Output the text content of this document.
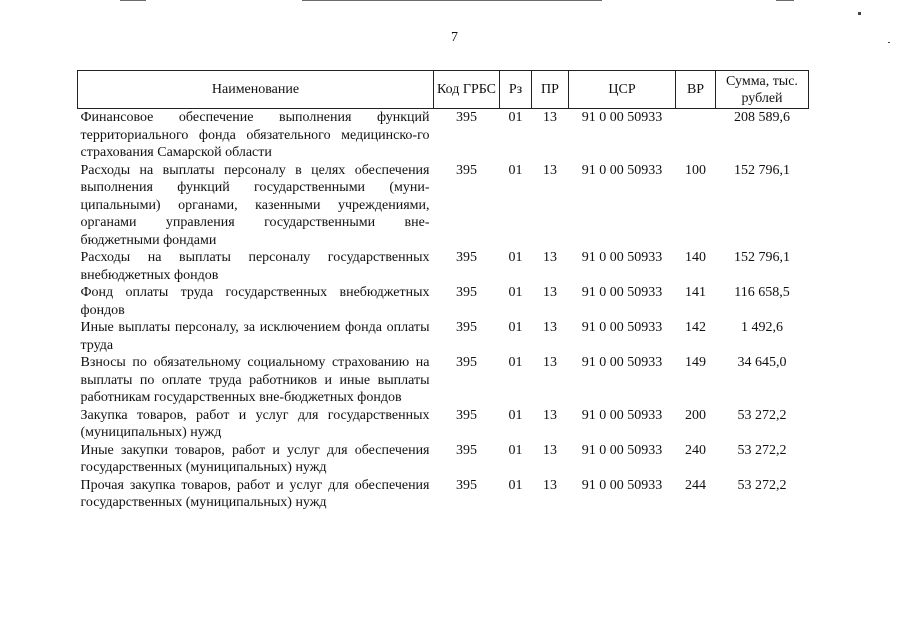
7
Наименование	Код ГРБС	Рз	ПР	ЦСР	ВР	Сумма, тыс. рублей
Финансовое обеспечение выполнения функций территориального фонда обязательного медицинско-го страхования Самарской области	395	01	13	91 0 00 50933		208 589,6
Расходы на выплаты персоналу в целях обеспечения выполнения функций государственными (муни-ципальными) органами, казенными учреждениями, органами управления государственными вне-бюджетными фондами	395	01	13	91 0 00 50933	100	152 796,1
Расходы на выплаты персоналу государственных внебюджетных фондов	395	01	13	91 0 00 50933	140	152 796,1
Фонд оплаты труда государственных внебюджетных фондов	395	01	13	91 0 00 50933	141	116 658,5
Иные выплаты персоналу, за исключением фонда оплаты труда	395	01	13	91 0 00 50933	142	1 492,6
Взносы по обязательному социальному страхованию на выплаты по оплате труда работников и иные выплаты работникам государственных вне-бюджетных фондов	395	01	13	91 0 00 50933	149	34 645,0
Закупка товаров, работ и услуг для государственных (муниципальных) нужд	395	01	13	91 0 00 50933	200	53 272,2
Иные закупки товаров, работ и услуг для обеспечения государственных (муниципальных) нужд	395	01	13	91 0 00 50933	240	53 272,2
Прочая закупка товаров, работ и услуг для обеспечения государственных (муниципальных) нужд	395	01	13	91 0 00 50933	244	53 272,2
